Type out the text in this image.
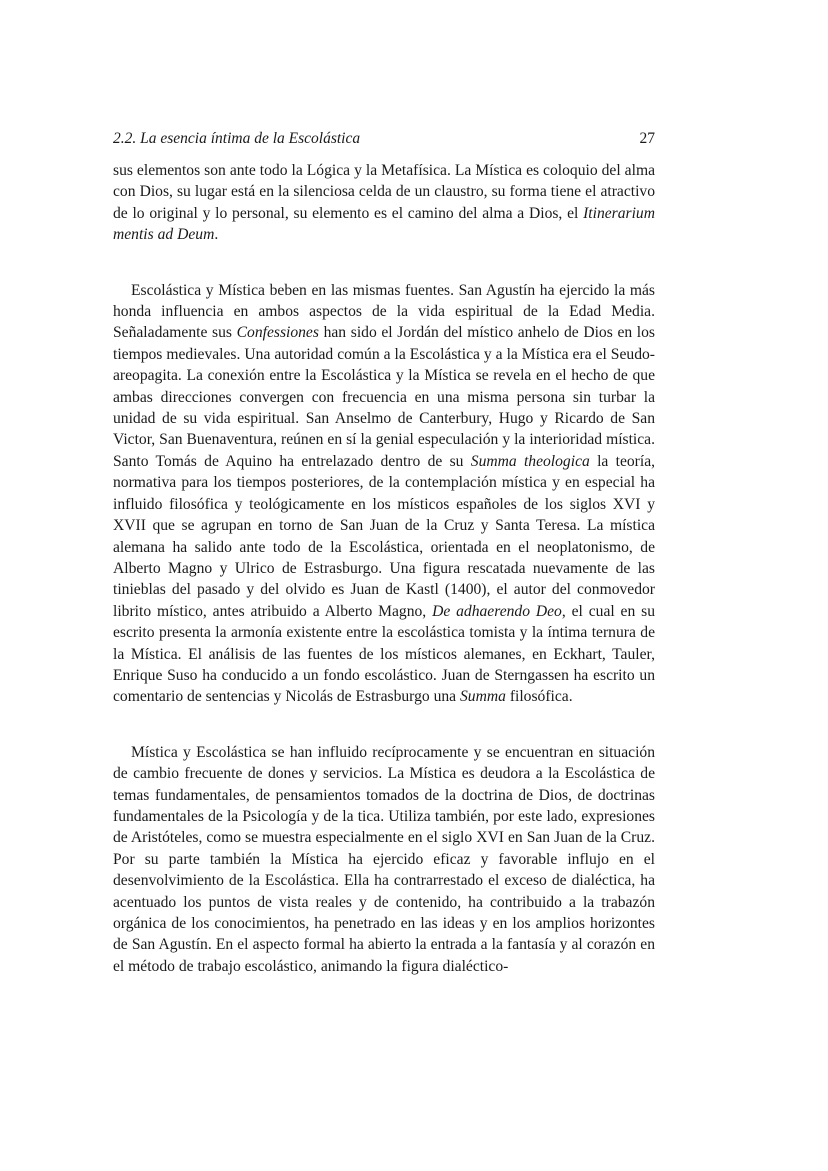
2.2. La esencia íntima de la Escolástica	27

sus elementos son ante todo la Lógica y la Metafísica. La Mística es coloquio del alma con Dios, su lugar está en la silenciosa celda de un claustro, su forma tiene el atractivo de lo original y lo personal, su elemento es el camino del alma a Dios, el Itinerarium mentis ad Deum.

Escolástica y Mística beben en las mismas fuentes. San Agustín ha ejercido la más honda influencia en ambos aspectos de la vida espiritual de la Edad Media. Señaladamente sus Confessiones han sido el Jordán del místico anhelo de Dios en los tiempos medievales. Una autoridad común a la Escolástica y a la Mística era el Seudo-areopagita. La conexión entre la Escolástica y la Mística se revela en el hecho de que ambas direcciones convergen con frecuencia en una misma persona sin turbar la unidad de su vida espiritual. San Anselmo de Canterbury, Hugo y Ricardo de San Victor, San Buenaventura, reúnen en sí la genial especulación y la interioridad mística. Santo Tomás de Aquino ha entrelazado dentro de su Summa theologica la teoría, normativa para los tiempos posteriores, de la contemplación mística y en especial ha influido filosófica y teológicamente en los místicos españoles de los siglos XVI y XVII que se agrupan en torno de San Juan de la Cruz y Santa Teresa. La mística alemana ha salido ante todo de la Escolástica, orientada en el neoplatonismo, de Alberto Magno y Ulrico de Estrasburgo. Una figura rescatada nuevamente de las tinieblas del pasado y del olvido es Juan de Kastl (1400), el autor del conmovedor librito místico, antes atribuido a Alberto Magno, De adhaerendo Deo, el cual en su escrito presenta la armonía existente entre la escolástica tomista y la íntima ternura de la Mística. El análisis de las fuentes de los místicos alemanes, en Eckhart, Tauler, Enrique Suso ha conducido a un fondo escolástico. Juan de Sterngassen ha escrito un comentario de sentencias y Nicolás de Estrasburgo una Summa filosófica.

Mística y Escolástica se han influido recíprocamente y se encuentran en situación de cambio frecuente de dones y servicios. La Mística es deudora a la Escolástica de temas fundamentales, de pensamientos tomados de la doctrina de Dios, de doctrinas fundamentales de la Psicología y de la tica. Utiliza también, por este lado, expresiones de Aristóteles, como se muestra especialmente en el siglo XVI en San Juan de la Cruz. Por su parte también la Mística ha ejercido eficaz y favorable influjo en el desenvolvimiento de la Escolástica. Ella ha contrarrestado el exceso de dialéctica, ha acentuado los puntos de vista reales y de contenido, ha contribuido a la trabazón orgánica de los conocimientos, ha penetrado en las ideas y en los amplios horizontes de San Agustín. En el aspecto formal ha abierto la entrada a la fantasía y al corazón en el método de trabajo escolástico, animando la figura dialéctico-
